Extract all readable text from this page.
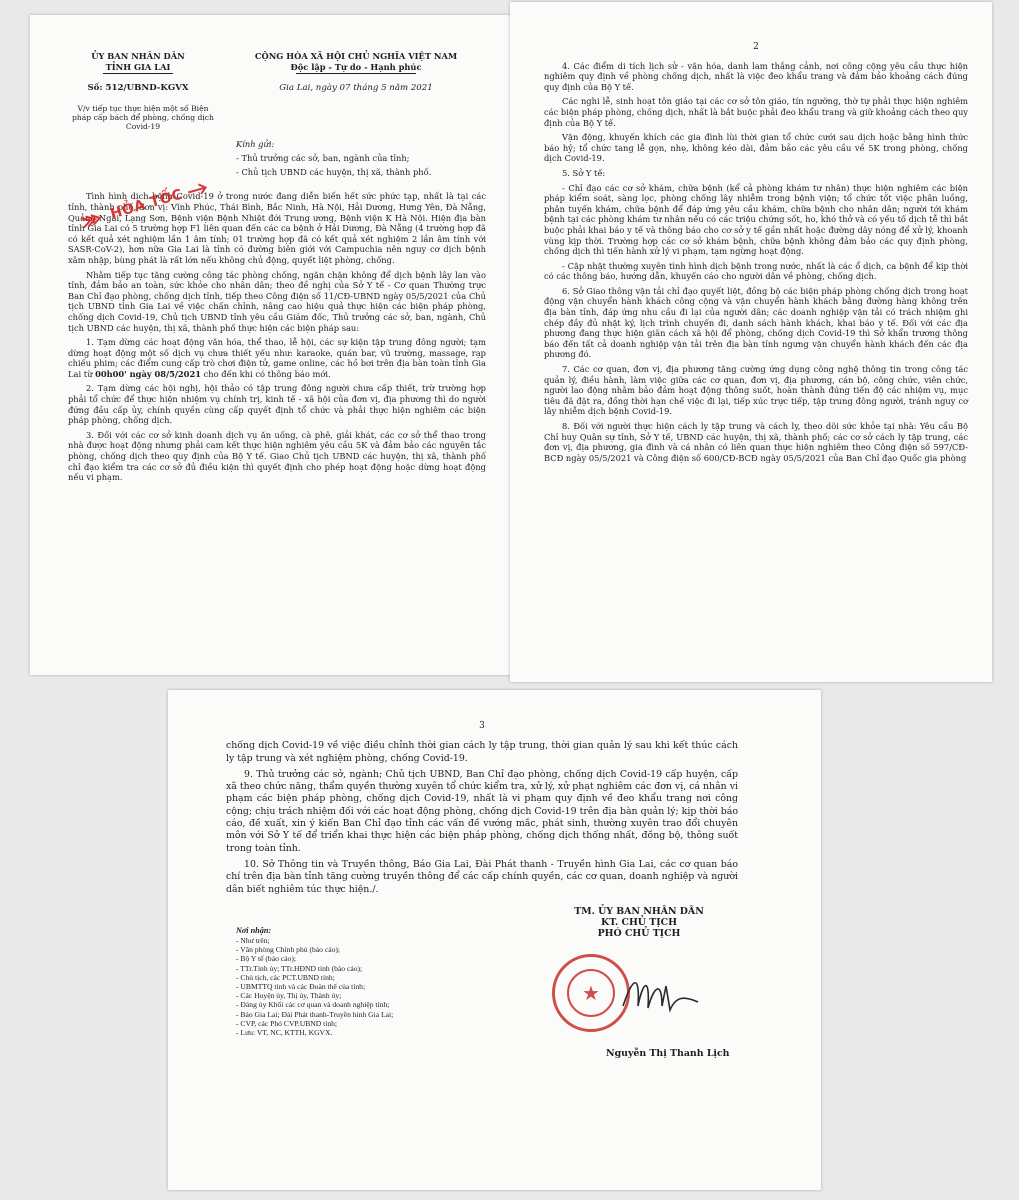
ỦY BAN NHÂN DÂN
TỈNH GIA LAI
CỘNG HÒA XÃ HỘI CHỦ NGHĨA VIỆT NAM
Độc lập - Tự do - Hạnh phúc
Số: 512/UBND-KGVX	Gia Lai, ngày 07 tháng 5 năm 2021
V/v tiếp tục thực hiện một số Biện pháp cấp bách để phòng, chống dịch Covid-19
Kính gửi:
- Thủ trưởng các sở, ban, ngành của tỉnh;
- Chủ tịch UBND các huyện, thị xã, thành phố.

Tình hình dịch bệnh Covid-19 ở trong nước đang diễn biến hết sức phức tạp, nhất là tại các tỉnh, thành phố, đơn vị: Vĩnh Phúc, Thái Bình, Bắc Ninh, Hà Nội, Hải Dương, Hưng Yên, Đà Nẵng, Quảng Ngãi, Lạng Sơn, Bệnh viện Bệnh Nhiệt đới Trung ương, Bệnh viện K Hà Nội. Hiện địa bàn tỉnh Gia Lai có 5 trường hợp F1 liên quan đến các ca bệnh ở Hải Dương, Đà Nẵng (4 trường hợp đã có kết quả xét nghiệm lần 1 âm tính; 01 trường hợp đã có kết quả xét nghiệm 2 lần âm tính với SASR-CoV-2), hơn nữa Gia Lai là tỉnh có đường biên giới với Campuchia nên nguy cơ dịch bệnh xâm nhập, bùng phát là rất lớn nếu không chủ động, quyết liệt phòng, chống.

Nhằm tiếp tục tăng cường công tác phòng chống, ngăn chặn không để dịch bệnh lây lan vào tỉnh, đảm bảo an toàn, sức khỏe cho nhân dân; theo đề nghị của Sở Y tế - Cơ quan Thường trực Ban Chỉ đạo phòng, chống dịch tỉnh, tiếp theo Công điện số 11/CĐ-UBND ngày 05/5/2021 của Chủ tịch UBND tỉnh Gia Lai về việc chấn chỉnh, nâng cao hiệu quả thực hiện các biện pháp phòng, chống dịch Covid-19, Chủ tịch UBND tỉnh yêu cầu Giám đốc, Thủ trưởng các sở, ban, ngành, Chủ tịch UBND các huyện, thị xã, thành phố thực hiện các biện pháp sau:

1. Tạm dừng các hoạt động văn hóa, thể thao, lễ hội, các sự kiện tập trung đông người; tạm dừng hoạt động một số dịch vụ chưa thiết yếu như: karaoke, quán bar, vũ trường, massage, rạp chiếu phim; các điểm cung cấp trò chơi điện tử, game online, các hồ bơi trên địa bàn toàn tỉnh Gia Lai từ 00h00' ngày 08/5/2021 cho đến khi có thông báo mới.

2. Tạm dừng các hội nghị, hội thảo có tập trung đông người chưa cấp thiết, trừ trường hợp phải tổ chức để thực hiện nhiệm vụ chính trị, kinh tế - xã hội của đơn vị, địa phương thì do người đứng đầu cấp ủy, chính quyền cùng cấp quyết định tổ chức và phải thực hiện nghiêm các biện pháp phòng, chống dịch.

3. Đối với các cơ sở kinh doanh dịch vụ ăn uống, cà phê, giải khát, các cơ sở thể thao trong nhà được hoạt động nhưng phải cam kết thực hiện nghiêm yêu cầu 5K và đảm bảo các nguyên tắc phòng, chống dịch theo quy định của Bộ Y tế. Giao Chủ tịch UBND các huyện, thị xã, thành phố chỉ đạo kiểm tra các cơ sở đủ điều kiện thì quyết định cho phép hoạt động hoặc dừng hoạt động nếu vi phạm.

HỎA TỐC
2

4. Các điểm di tích lịch sử - văn hóa, danh lam thắng cảnh, nơi công cộng yêu cầu thực hiện nghiêm quy định về phòng chống dịch, nhất là việc đeo khẩu trang và đảm bảo khoảng cách đúng quy định của Bộ Y tế.

Các nghi lễ, sinh hoạt tôn giáo tại các cơ sở tôn giáo, tín ngưỡng, thờ tự phải thực hiện nghiêm các biện pháp phòng, chống dịch, nhất là bắt buộc phải đeo khẩu trang và giữ khoảng cách theo quy định của Bộ Y tế.

Vận động, khuyến khích các gia đình lùi thời gian tổ chức cưới sau dịch hoặc bằng hình thức báo hỷ; tổ chức tang lễ gọn, nhẹ, không kéo dài, đảm bảo các yêu cầu về 5K trong phòng, chống dịch Covid-19.

5. Sở Y tế:

- Chỉ đạo các cơ sở khám, chữa bệnh (kể cả phòng khám tư nhân) thực hiện nghiêm các biện pháp kiểm soát, sàng lọc, phòng chống lây nhiễm trong bệnh viện; tổ chức tốt việc phân luồng, phân tuyến khám, chữa bệnh để đáp ứng yêu cầu khám, chữa bệnh cho nhân dân; người tới khám bệnh tại các phòng khám tư nhân nếu có các triệu chứng sốt, ho, khó thở và có yếu tố dịch tễ thì bắt buộc phải khai báo y tế và thông báo cho cơ sở y tế gần nhất hoặc đường dây nóng để xử lý, khoanh vùng kịp thời. Trường hợp các cơ sở khám bệnh, chữa bệnh không đảm bảo các quy định phòng, chống dịch thì tiến hành xử lý vi phạm, tạm ngừng hoạt động.

- Cập nhật thường xuyên tình hình dịch bệnh trong nước, nhất là các ổ dịch, ca bệnh để kịp thời có các thông báo, hướng dẫn, khuyến cáo cho người dân về phòng, chống dịch.

6. Sở Giao thông vận tải chỉ đạo quyết liệt, đồng bộ các biện pháp phòng chống dịch trong hoạt động vận chuyển hành khách công cộng và vận chuyển hành khách bằng đường hàng không trên địa bàn tỉnh, đáp ứng nhu cầu đi lại của người dân; các doanh nghiệp vận tải có trách nhiệm ghi chép đầy đủ nhật ký, lịch trình chuyến đi, danh sách hành khách, khai báo y tế. Đối với các địa phương đang thực hiện giãn cách xã hội để phòng, chống dịch Covid-19 thì Sở khẩn trương thông báo đến tất cả doanh nghiệp vận tải trên địa bàn tỉnh ngưng vận chuyển hành khách đến các địa phương đó.

7. Các cơ quan, đơn vị, địa phương tăng cường ứng dụng công nghệ thông tin trong công tác quản lý, điều hành, làm việc giữa các cơ quan, đơn vị, địa phương, cán bộ, công chức, viên chức, người lao động nhằm bảo đảm hoạt động thông suốt, hoàn thành đúng tiến độ các nhiệm vụ, mục tiêu đã đặt ra, đồng thời hạn chế việc đi lại, tiếp xúc trực tiếp, tập trung đông người, tránh nguy cơ lây nhiễm dịch bệnh Covid-19.

8. Đối với người thực hiện cách ly tập trung và cách ly, theo dõi sức khỏe tại nhà: Yêu cầu Bộ Chỉ huy Quân sự tỉnh, Sở Y tế, UBND các huyện, thị xã, thành phố; các cơ sở cách ly tập trung, các đơn vị, địa phương, gia đình và cá nhân có liên quan thực hiện nghiêm theo Công điện số 597/CĐ-BCĐ ngày 05/5/2021 và Công điện số 600/CĐ-BCĐ ngày 05/5/2021 của Ban Chỉ đạo Quốc gia phòng

3

chống dịch Covid-19 về việc điều chỉnh thời gian cách ly tập trung, thời gian quản lý sau khi kết thúc cách ly tập trung và xét nghiệm phòng, chống Covid-19.

9. Thủ trưởng các sở, ngành; Chủ tịch UBND, Ban Chỉ đạo phòng, chống dịch Covid-19 cấp huyện, cấp xã theo chức năng, thẩm quyền thường xuyên tổ chức kiểm tra, xử lý, xử phạt nghiêm các đơn vị, cá nhân vi phạm các biện pháp phòng, chống dịch Covid-19, nhất là vi phạm quy định về đeo khẩu trang nơi công cộng; chịu trách nhiệm đối với các hoạt động phòng, chống dịch Covid-19 trên địa bàn quản lý; kịp thời báo cáo, đề xuất, xin ý kiến Ban Chỉ đạo tỉnh các vấn đề vướng mắc, phát sinh, thường xuyên trao đổi chuyên môn với Sở Y tế để triển khai thực hiện các biện pháp phòng, chống dịch thống nhất, đồng bộ, thông suốt trong toàn tỉnh.

10. Sở Thông tin và Truyền thông, Báo Gia Lai, Đài Phát thanh - Truyền hình Gia Lai, các cơ quan báo chí trên địa bàn tỉnh tăng cường truyền thông để các cấp chính quyền, các cơ quan, doanh nghiệp và người dân biết nghiêm túc thực hiện./.

Nơi nhận:
- Như trên;
- Văn phòng Chính phủ (báo cáo);
- Bộ Y tế (báo cáo);
- TTr.Tỉnh ủy; TTr.HĐND tỉnh (báo cáo);
- Chủ tịch, các PCT.UBND tỉnh;
- UBMTTQ tỉnh và các Đoàn thể của tỉnh;
- Các Huyện ủy, Thị ủy, Thành ủy;
- Đảng ủy Khối các cơ quan và doanh nghiệp tỉnh;
- Báo Gia Lai; Đài Phát thanh-Truyền hình Gia Lai;
- CVP, các Phó CVP.UBND tỉnh;
- Lưu: VT, NC, KTTH, KGVX.
TM. ỦY BAN NHÂN DÂN
KT. CHỦ TỊCH
PHÓ CHỦ TỊCH
★
Nguyễn Thị Thanh Lịch
